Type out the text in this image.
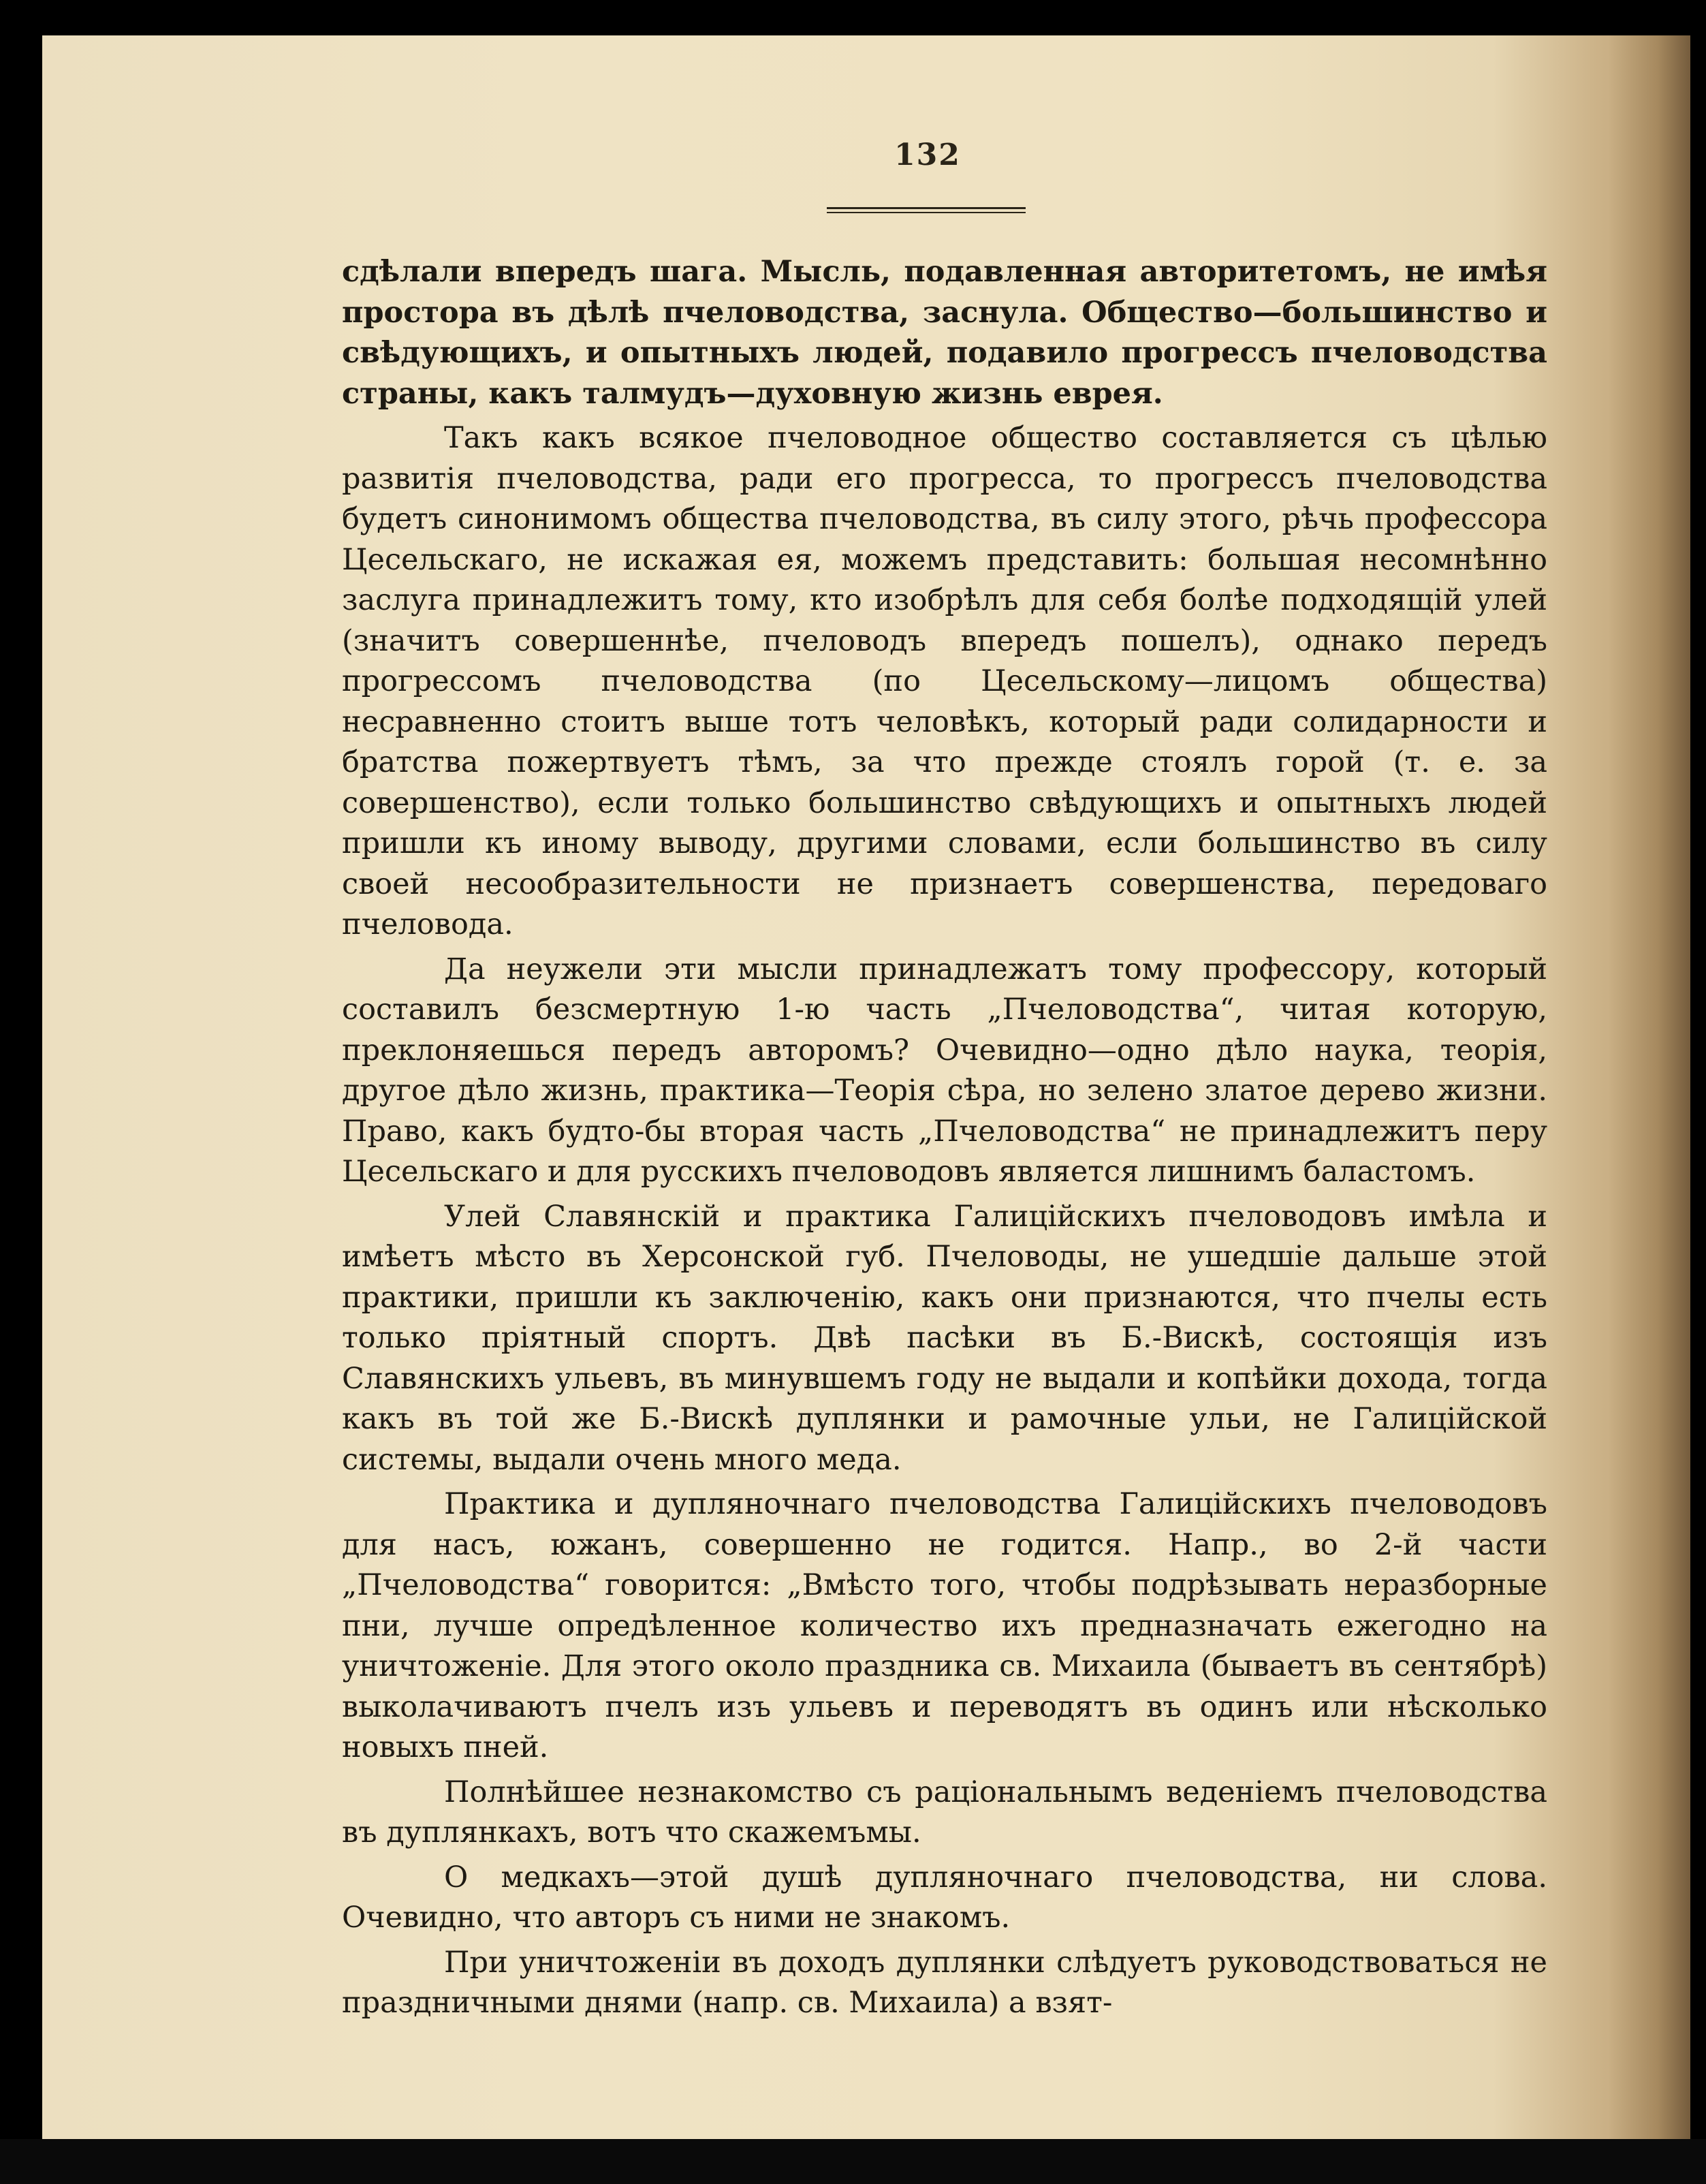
132

сдѣлали впередъ шага. Мысль, подавленная авторитетомъ, не имѣя простора въ дѣлѣ пчеловодства, заснула. Общество—большинство и свѣдующихъ, и опытныхъ людей, подавило прогрессъ пчеловодства страны, какъ талмудъ—духовную жизнь еврея.

Такъ какъ всякое пчеловодное общество составляется съ цѣлью развитія пчеловодства, ради его прогресса, то прогрессъ пчеловодства будетъ синонимомъ общества пчеловодства, въ силу этого, рѣчь профессора Цесельскаго, не искажая ея, можемъ представить: большая несомнѣнно заслуга принадлежитъ тому, кто изобрѣлъ для себя болѣе подходящій улей (значитъ совершеннѣе, пчеловодъ впередъ пошелъ), однако передъ прогрессомъ пчеловодства (по Цесельскому—лицомъ общества) несравненно стоитъ выше тотъ человѣкъ, который ради солидарности и братства пожертвуетъ тѣмъ, за что прежде стоялъ горой (т. е. за совершенство), если только большинство свѣдующихъ и опытныхъ людей пришли къ иному выводу, другими словами, если большинство въ силу своей несообразительности не признаетъ совершенства, передоваго пчеловода.

Да неужели эти мысли принадлежатъ тому профессору, который составилъ безсмертную 1-ю часть „Пчеловодства“, читая которую, преклоняешься передъ авторомъ? Очевидно—одно дѣло наука, теорія, другое дѣло жизнь, практика—Теорія сѣра, но зелено златое дерево жизни. Право, какъ будто-бы вторая часть „Пчеловодства“ не принадлежитъ перу Цесельскаго и для русскихъ пчеловодовъ является лишнимъ баластомъ.

Улей Славянскій и практика Галиційскихъ пчеловодовъ имѣла и имѣетъ мѣсто въ Херсонской губ. Пчеловоды, не ушедшіе дальше этой практики, пришли къ заключенію, какъ они признаются, что пчелы есть только пріятный спортъ. Двѣ пасѣки въ Б.-Вискѣ, состоящія изъ Славянскихъ ульевъ, въ минувшемъ году не выдали и копѣйки дохода, тогда какъ въ той же Б.-Вискѣ дуплянки и рамочные ульи, не Галиційской системы, выдали очень много меда.

Практика и дупляночнаго пчеловодства Галиційскихъ пчеловодовъ для насъ, южанъ, совершенно не годится. Напр., во 2-й части „Пчеловодства“ говорится: „Вмѣсто того, чтобы подрѣзывать неразборные пни, лучше опредѣленное количество ихъ предназначать ежегодно на уничтоженіе. Для этого около праздника св. Михаила (бываетъ въ сентябрѣ) выколачиваютъ пчелъ изъ ульевъ и переводятъ въ одинъ или нѣсколько новыхъ пней.

Полнѣйшее незнакомство съ раціональнымъ веденіемъ пчеловодства въ дуплянкахъ, вотъ что скажемъмы.

О медкахъ—этой душѣ дупляночнаго пчеловодства, ни слова. Очевидно, что авторъ съ ними не знакомъ.

При уничтоженіи въ доходъ дуплянки слѣдуетъ руководствоваться не праздничными днями (напр. св. Михаила) а взят-
